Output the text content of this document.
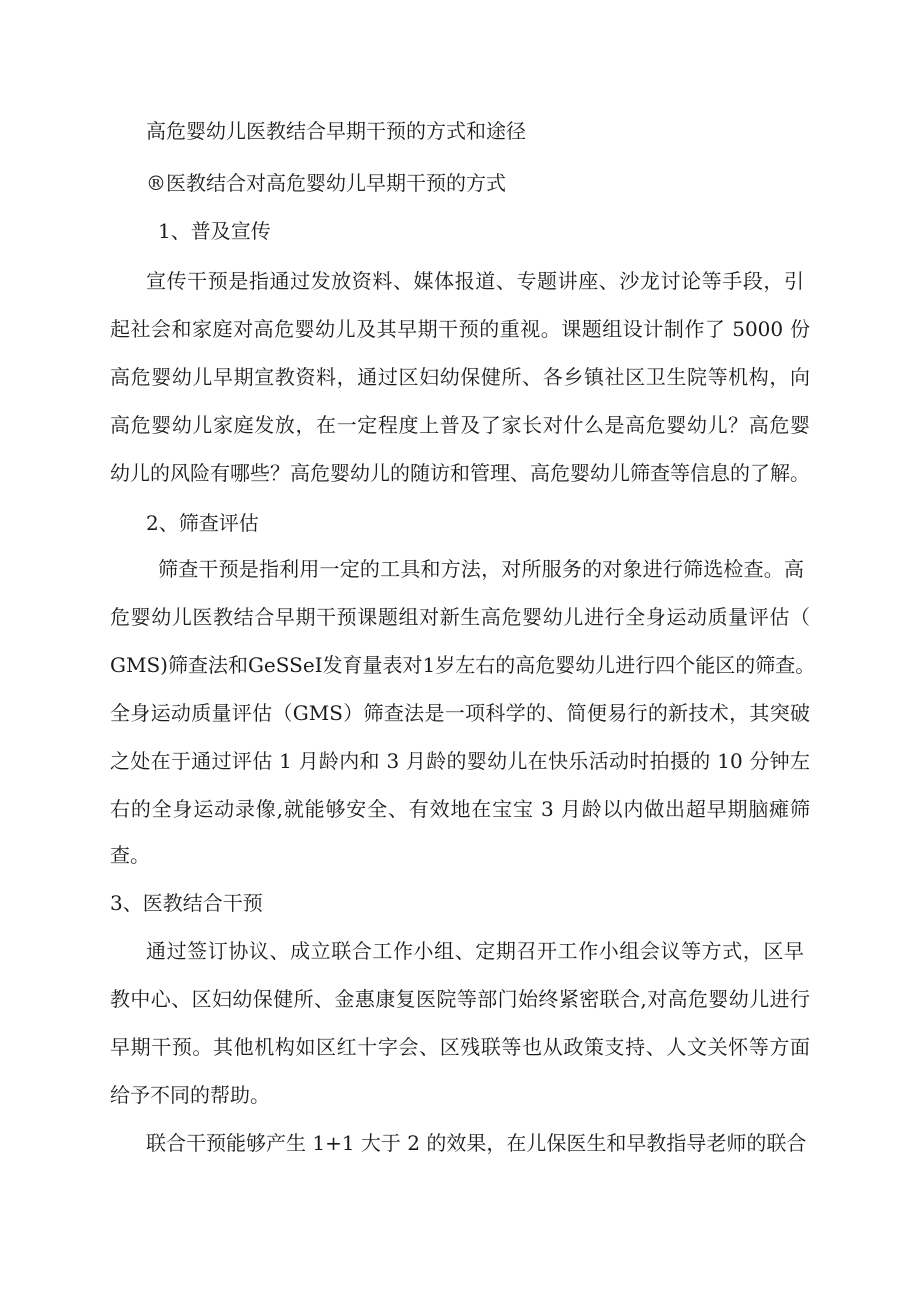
高危婴幼儿医教结合早期干预的方式和途径

®医教结合对高危婴幼儿早期干预的方式

1、普及宣传

宣传干预是指通过发放资料、媒体报道、专题讲座、沙龙讨论等手段，引

起社会和家庭对高危婴幼儿及其早期干预的重视。课题组设计制作了 5000 份

高危婴幼儿早期宣教资料，通过区妇幼保健所、各乡镇社区卫生院等机构，向

高危婴幼儿家庭发放，在一定程度上普及了家长对什么是高危婴幼儿？高危婴

幼儿的风险有哪些？高危婴幼儿的随访和管理、高危婴幼儿筛查等信息的了解。

2、筛查评估

筛查干预是指利用一定的工具和方法，对所服务的对象进行筛选检查。高

危婴幼儿医教结合早期干预课题组对新生高危婴幼儿进行全身运动质量评估（

GMS)筛查法和GeSSeI发育量表对1岁左右的高危婴幼儿进行四个能区的筛查。

全身运动质量评估（GMS）筛查法是一项科学的、简便易行的新技术，其突破

之处在于通过评估 1 月龄内和 3 月龄的婴幼儿在快乐活动时拍摄的 10 分钟左

右的全身运动录像,就能够安全、有效地在宝宝 3 月龄以内做出超早期脑瘫筛

查。

3、医教结合干预

通过签订协议、成立联合工作小组、定期召开工作小组会议等方式，区早

教中心、区妇幼保健所、金惠康复医院等部门始终紧密联合,对高危婴幼儿进行

早期干预。其他机构如区红十字会、区残联等也从政策支持、人文关怀等方面

给予不同的帮助。

联合干预能够产生 1+1 大于 2 的效果，在儿保医生和早教指导老师的联合
